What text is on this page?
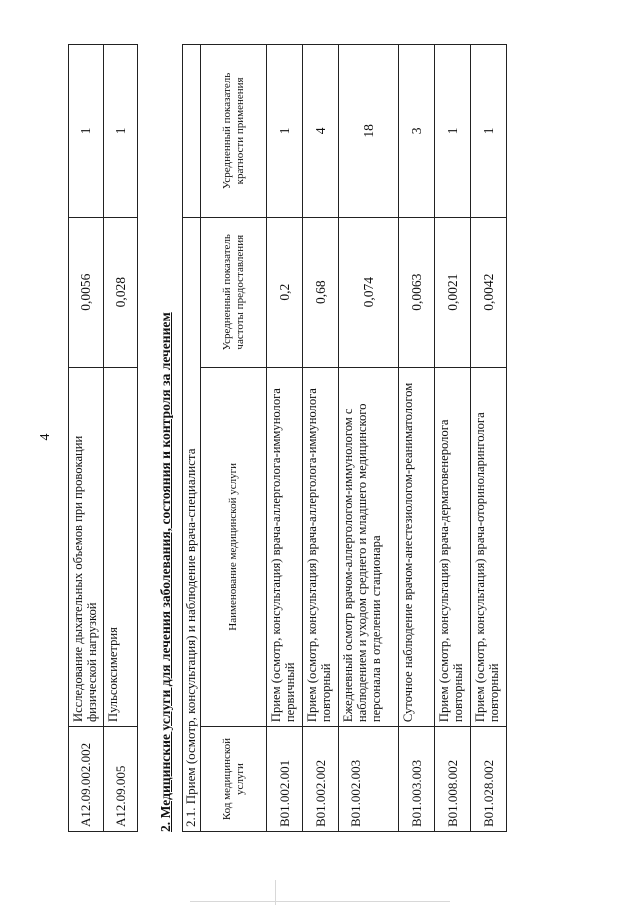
4
A12.09.002.002	Исследование дыхательных объемов при провокации физической нагрузкой	0,0056	1
A12.09.005	Пульсоксиметрия	0,028	1
2. Медицинские услуги для лечения заболевания, состояния и контроля за лечением 2.1. Прием (осмотр, консультация) и наблюдение врача-специалиста			
Код медицинской услуги	Наименование медицинской услуги	Усредненный показатель частоты предоставления	Усредненный показатель кратности применения
B01.002.001	Прием (осмотр, консультация) врача-аллерголога-иммунолога первичный	0,2	1
B01.002.002	Прием (осмотр, консультация) врача-аллерголога-иммунолога повторный	0,68	4
B01.002.003	Ежедневный осмотр врачом-аллергологом-иммунологом с наблюдением и уходом среднего и младшего медицинского персонала в отделении стационара	0,074	18
B01.003.003	Суточное наблюдение врачом-анестезиологом-реаниматологом	0,0063	3
B01.008.002	Прием (осмотр, консультация) врача-дерматовенеролога повторный	0,0021	1
B01.028.002	Прием (осмотр, консультация) врача-оториноларинголога повторный	0,0042	1
